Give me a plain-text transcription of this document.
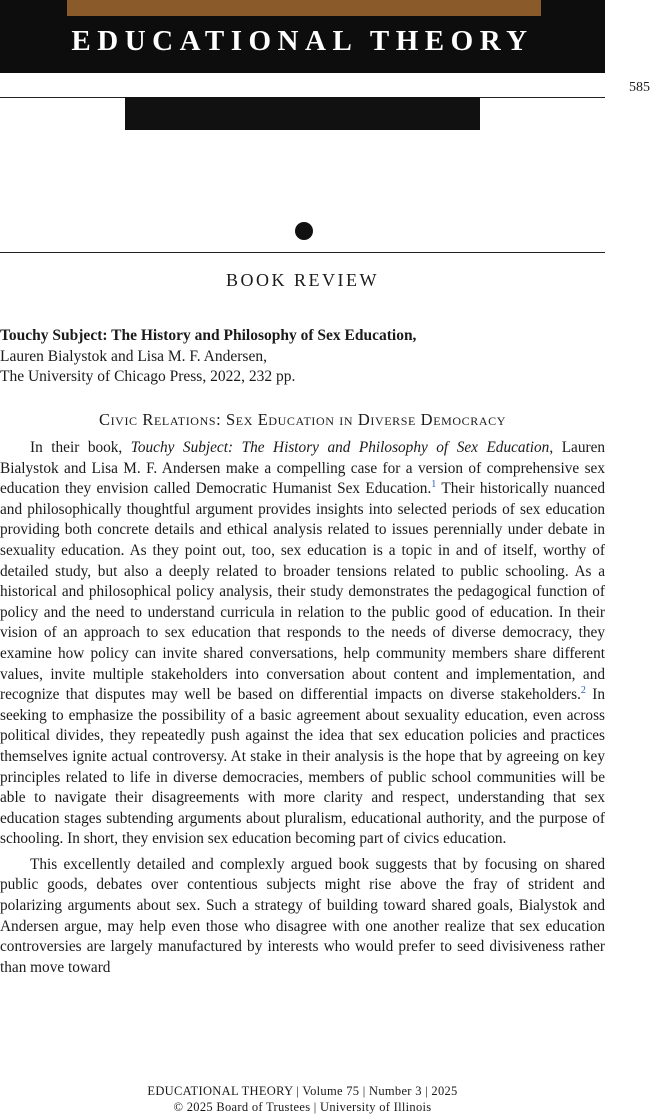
EDUCATIONAL THEORY
585
BOOK REVIEW
Touchy Subject: The History and Philosophy of Sex Education,
Lauren Bialystok and Lisa M. F. Andersen,
The University of Chicago Press, 2022, 232 pp.
Civic Relations: Sex Education in Diverse Democracy

In their book, Touchy Subject: The History and Philosophy of Sex Education, Lauren Bialystok and Lisa M. F. Andersen make a compelling case for a version of comprehensive sex education they envision called Democratic Humanist Sex Education.$^1$ Their historically nuanced and philosophically thoughtful argument provides insights into selected periods of sex education providing both concrete details and ethical analysis related to issues perennially under debate in sexuality education. As they point out, too, sex education is a topic in and of itself, worthy of detailed study, but also a deeply related to broader tensions related to public schooling. As a historical and philosophical policy analysis, their study demonstrates the pedagogical function of policy and the need to understand curricula in relation to the public good of education. In their vision of an approach to sex education that responds to the needs of diverse democracy, they examine how policy can invite shared conversations, help community members share different values, invite multiple stakeholders into conversation about content and implementation, and recognize that disputes may well be based on differential impacts on diverse stakeholders.$^2$ In seeking to emphasize the possibility of a basic agreement about sexuality education, even across political divides, they repeatedly push against the idea that sex education policies and practices themselves ignite actual controversy. At stake in their analysis is the hope that by agreeing on key principles related to life in diverse democracies, members of public school communities will be able to navigate their disagreements with more clarity and respect, understanding that sex education stages subtending arguments about pluralism, educational authority, and the purpose of schooling. In short, they envision sex education becoming part of civics education.

This excellently detailed and complexly argued book suggests that by focusing on shared public goods, debates over contentious subjects might rise above the fray of strident and polarizing arguments about sex. Such a strategy of building toward shared goals, Bialystok and Andersen argue, may help even those who disagree with one another realize that sex education controversies are largely manufactured by interests who would prefer to seed divisiveness rather than move toward

EDUCATIONAL THEORY | Volume 75 | Number 3 | 2025
© 2025 Board of Trustees | University of Illinois
